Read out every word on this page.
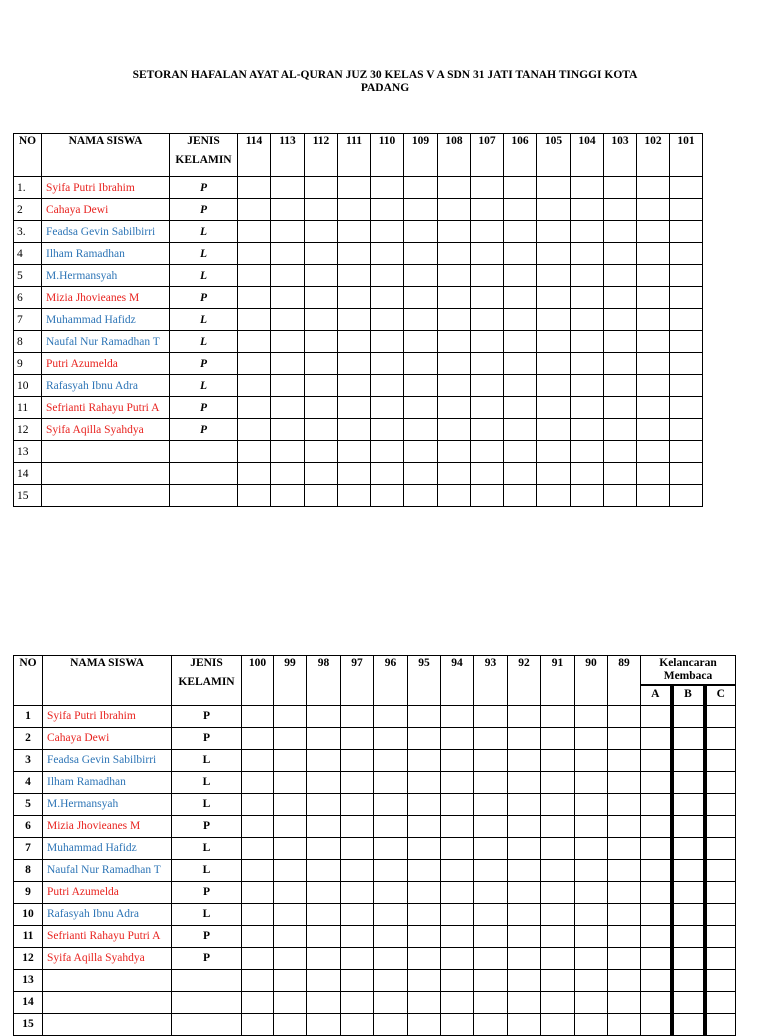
SETORAN HAFALAN AYAT AL-QURAN JUZ 30 KELAS V A SDN 31 JATI TANAH TINGGI KOTA PADANG
NO	NAMA SISWA	JENIS
KELAMIN	114	113	112	111	110	109	108	107	106	105	104	103	102	101
1.	Syifa Putri Ibrahim	P														
2	Cahaya Dewi	P														
3.	Feadsa Gevin Sabilbirri	L														
4	Ilham Ramadhan	L														
5	M.Hermansyah	L														
6	Mizia Jhovieanes M	P														
7	Muhammad Hafidz	L														
8	Naufal Nur Ramadhan T	L														
9	Putri Azumelda	P														
10	Rafasyah Ibnu Adra	L														
11	Sefrianti Rahayu Putri A	P														
12	Syifa Aqilla Syahdya	P														
13																
14																
15																
NO	NAMA SISWA	JENIS
KELAMIN	100	99	98	97	96	95	94	93	92	91	90	89	Kelancaran Membaca		
															A	B	C
1	Syifa Putri Ibrahim	P															
2	Cahaya Dewi	P															
3	Feadsa Gevin Sabilbirri	L															
4	Ilham Ramadhan	L															
5	M.Hermansyah	L															
6	Mizia Jhovieanes M	P															
7	Muhammad Hafidz	L															
8	Naufal Nur Ramadhan T	L															
9	Putri Azumelda	P															
10	Rafasyah Ibnu Adra	L															
11	Sefrianti Rahayu Putri A	P															
12	Syifa Aqilla Syahdya	P															
13																	
14																	
15																	
